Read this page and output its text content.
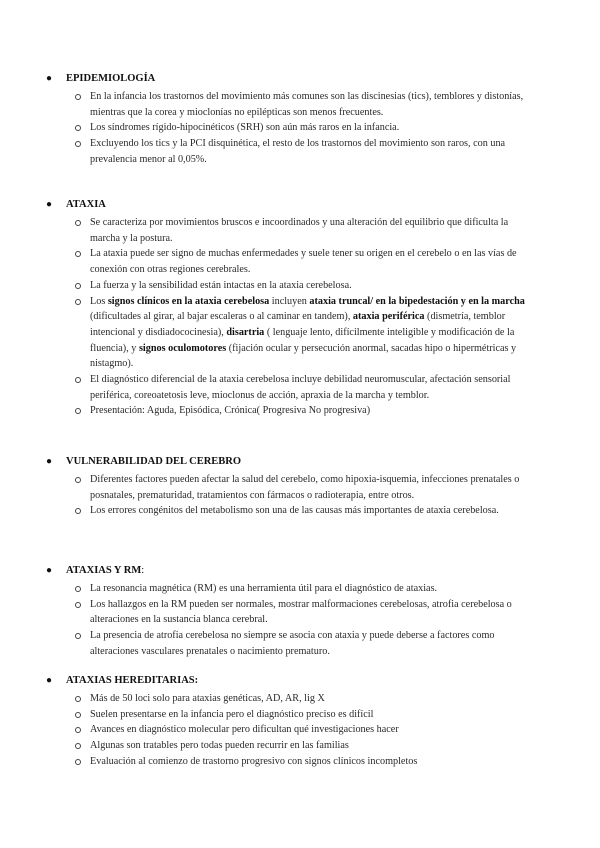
● EPIDEMIOLOGÍA
En la infancia los trastornos del movimiento más comunes son las discinesias (tics), temblores y distonías, mientras que la corea y mioclonías no epilépticas son menos frecuentes.
Los síndromes rígido-hipocinéticos (SRH) son aún más raros en la infancia.
Excluyendo los tics y la PCI disquinética, el resto de los trastornos del movimiento son raros, con una prevalencia menor al 0,05%.
● ATAXIA
Se caracteriza por movimientos bruscos e incoordinados y una alteración del equilibrio que dificulta la marcha y la postura.
La ataxia puede ser signo de muchas enfermedades y suele tener su origen en el cerebelo o en las vías de conexión con otras regiones cerebrales.
La fuerza y la sensibilidad están intactas en la ataxia cerebelosa.
Los signos clínicos en la ataxia cerebelosa incluyen ataxia truncal/ en la bipedestación y en la marcha (dificultades al girar, al bajar escaleras o al caminar en tandem), ataxia periférica (dismetría, temblor intencional y disdiadococinesia), disartria ( lenguaje lento, difícilmente inteligible y modificación de la fluencia), y signos oculomotores (fijación ocular y persecución anormal, sacadas hipo o hipermétricas y nistagmo).
El diagnóstico diferencial de la ataxia cerebelosa incluye debilidad neuromuscular, afectación sensorial periférica, coreoatetosis leve, mioclonus de acción, apraxia de la marcha y temblor.
Presentación: Aguda, Episódica, Crónica( Progresiva No progresiva)
● VULNERABILIDAD DEL CEREBRO
Diferentes factores pueden afectar la salud del cerebelo, como hipoxia-isquemia, infecciones prenatales o posnatales, prematuridad, tratamientos con fármacos o radioterapia, entre otros.
Los errores congénitos del metabolismo son una de las causas más importantes de ataxia cerebelosa.
● ATAXIAS Y RM:
La resonancia magnética (RM) es una herramienta útil para el diagnóstico de ataxias.
Los hallazgos en la RM pueden ser normales, mostrar malformaciones cerebelosas, atrofia cerebelosa o alteraciones en la sustancia blanca cerebral.
La presencia de atrofia cerebelosa no siempre se asocia con ataxia y puede deberse a factores como alteraciones vasculares prenatales o nacimiento prematuro.
● ATAXIAS HEREDITARIAS:
Más de 50 loci solo para ataxias genéticas, AD, AR, lig X
Suelen presentarse en la infancia pero el diagnóstico preciso es difícil
Avances en diagnóstico molecular pero dificultan qué investigaciones hacer
Algunas son tratables pero todas pueden recurrir en las familias
Evaluación al comienzo de trastorno progresivo con signos clínicos incompletos
